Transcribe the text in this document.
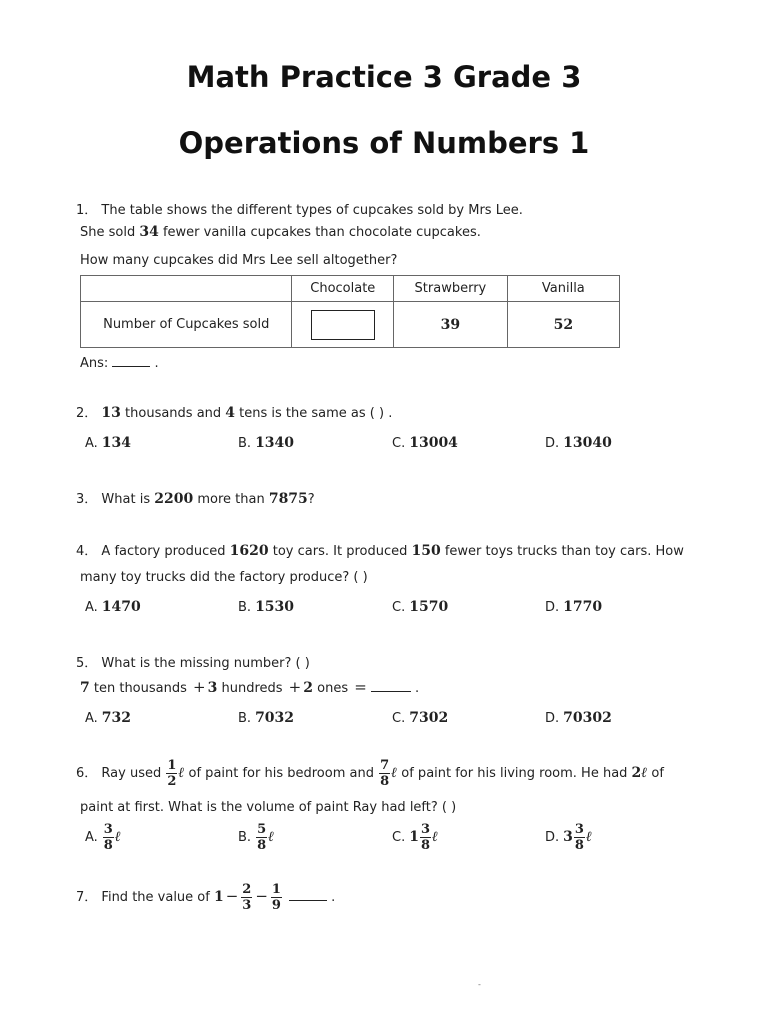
Math Practice 3 Grade 3
Operations of Numbers 1
1． The table shows the different types of cupcakes sold by Mrs Lee.
She sold 34 fewer vanilla cupcakes than chocolate cupcakes.
How many cupcakes did Mrs Lee sell altogether?
	Chocolate	Strawberry	Vanilla
Number of Cupcakes sold		39	52
Ans:	.
2． 13 thousands and 4 tens is the same as ( ) .
A. 134	B. 1340	C. 13004	D. 13040
3． What is 2200 more than 7875?
4． A factory produced 1620 toy cars. It produced 150 fewer toys trucks than toy cars. How
many toy trucks did the factory produce? ( )
A. 1470	B. 1530	C. 1570	D. 1770
5． What is the missing number? ( )
7 ten thousands + 3 hundreds + 2 ones =	.
A. 732	B. 7032	C. 7302	D. 70302
6． Ray used $\frac{1}{2}$ ℓ of paint for his bedroom and $\frac{7}{8}$ ℓ of paint for his living room. He had 2ℓ of
paint at first. What is the volume of paint Ray had left? ( )
A. $\frac{3}{8}$ ℓ	B. $\frac{5}{8}$ ℓ	C. $1 \frac{3}{8}$ ℓ	D. $3 \frac{3}{8}$ ℓ
7． Find the value of $1 - \frac{2}{3} - \frac{1}{9}$	.
-
